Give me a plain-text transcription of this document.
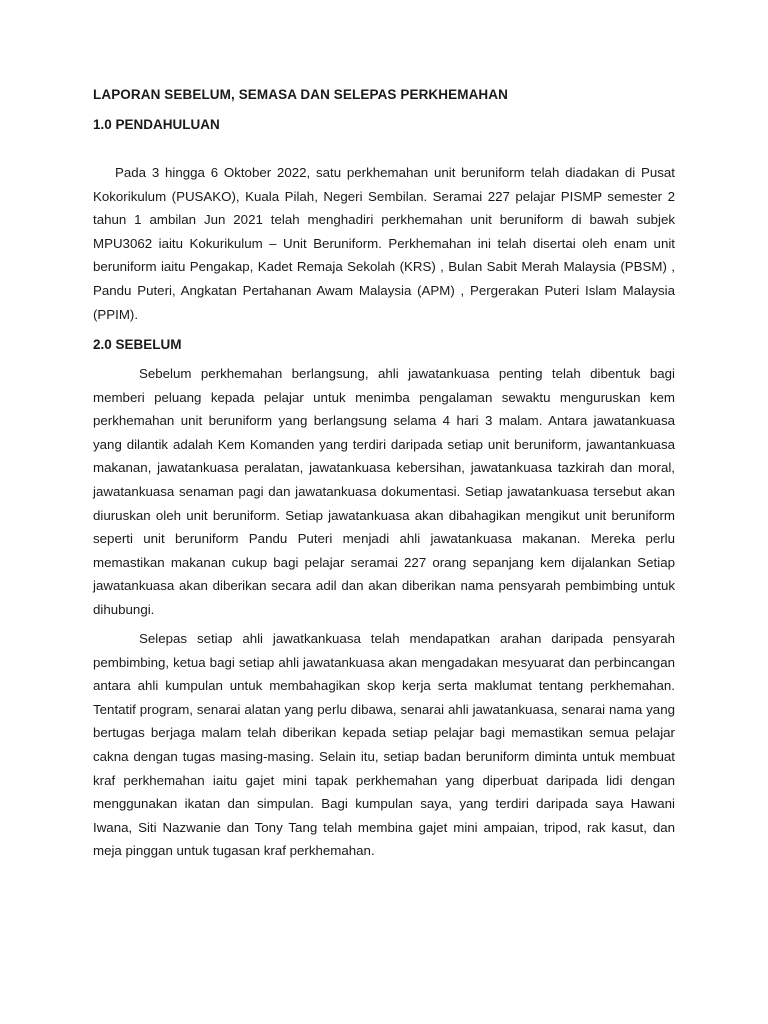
LAPORAN SEBELUM, SEMASA DAN SELEPAS PERKHEMAHAN
1.0 PENDAHULUAN

Pada 3 hingga 6 Oktober 2022, satu perkhemahan unit beruniform telah diadakan di Pusat Kokorikulum (PUSAKO), Kuala Pilah, Negeri Sembilan. Seramai 227 pelajar PISMP semester 2 tahun 1 ambilan Jun 2021 telah menghadiri perkhemahan unit beruniform di bawah subjek MPU3062 iaitu Kokurikulum – Unit Beruniform. Perkhemahan ini telah disertai oleh enam unit beruniform iaitu Pengakap, Kadet Remaja Sekolah (KRS) , Bulan Sabit Merah Malaysia (PBSM) , Pandu Puteri, Angkatan Pertahanan Awam Malaysia (APM) , Pergerakan Puteri Islam Malaysia (PPIM).

2.0 SEBELUM

Sebelum perkhemahan berlangsung, ahli jawatankuasa penting telah dibentuk bagi memberi peluang kepada pelajar untuk menimba pengalaman sewaktu menguruskan kem perkhemahan unit beruniform yang berlangsung selama 4 hari 3 malam. Antara jawatankuasa yang dilantik adalah Kem Komanden yang terdiri daripada setiap unit beruniform, jawantankuasa makanan, jawatankuasa peralatan, jawatankuasa kebersihan, jawatankuasa tazkirah dan moral, jawatankuasa senaman pagi dan jawatankuasa dokumentasi. Setiap jawatankuasa tersebut akan diuruskan oleh unit beruniform. Setiap jawatankuasa akan dibahagikan mengikut unit beruniform seperti unit beruniform Pandu Puteri menjadi ahli jawatankuasa makanan. Mereka perlu memastikan makanan cukup bagi pelajar seramai 227 orang sepanjang kem dijalankan Setiap jawatankuasa akan diberikan secara adil dan akan diberikan nama pensyarah pembimbing untuk dihubungi.

Selepas setiap ahli jawatkankuasa telah mendapatkan arahan daripada pensyarah pembimbing, ketua bagi setiap ahli jawatankuasa akan mengadakan mesyuarat dan perbincangan antara ahli kumpulan untuk membahagikan skop kerja serta maklumat tentang perkhemahan. Tentatif program, senarai alatan yang perlu dibawa, senarai ahli jawatankuasa, senarai nama yang bertugas berjaga malam telah diberikan kepada setiap pelajar bagi memastikan semua pelajar cakna dengan tugas masing-masing. Selain itu, setiap badan beruniform diminta untuk membuat kraf perkhemahan iaitu gajet mini tapak perkhemahan yang diperbuat daripada lidi dengan menggunakan ikatan dan simpulan. Bagi kumpulan saya, yang terdiri daripada saya Hawani Iwana, Siti Nazwanie dan Tony Tang telah membina gajet mini ampaian, tripod, rak kasut, dan meja pinggan untuk tugasan kraf perkhemahan.
